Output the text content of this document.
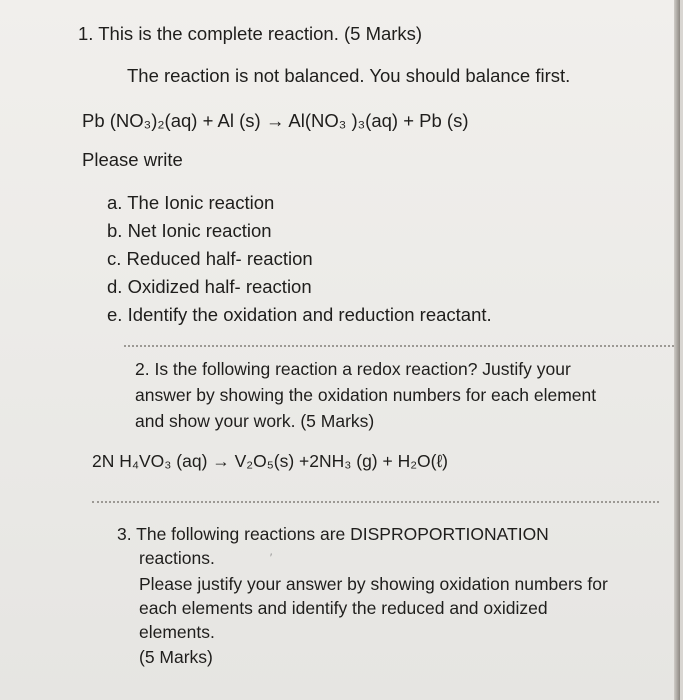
1. This is the complete reaction. (5 Marks)
The reaction is not balanced. You should balance first.
Pb (NO₃)₂(aq) + Al (s) → Al(NO₃ )₃(aq) + Pb (s)
Please write
a. The Ionic reaction
b. Net Ionic reaction
c. Reduced half- reaction
d. Oxidized half- reaction
e. Identify the oxidation and reduction reactant.
2. Is the following reaction a redox reaction? Justify your
answer by showing the oxidation numbers for each element
and show your work. (5 Marks)
2N H₄VO₃ (aq) → V₂O₅(s) +2NH₃ (g) + H₂O(ℓ)
3. The following reactions are DISPROPORTIONATION
reactions.	′
Please justify your answer by showing oxidation numbers for
each elements and identify the reduced and oxidized
elements.
(5 Marks)
